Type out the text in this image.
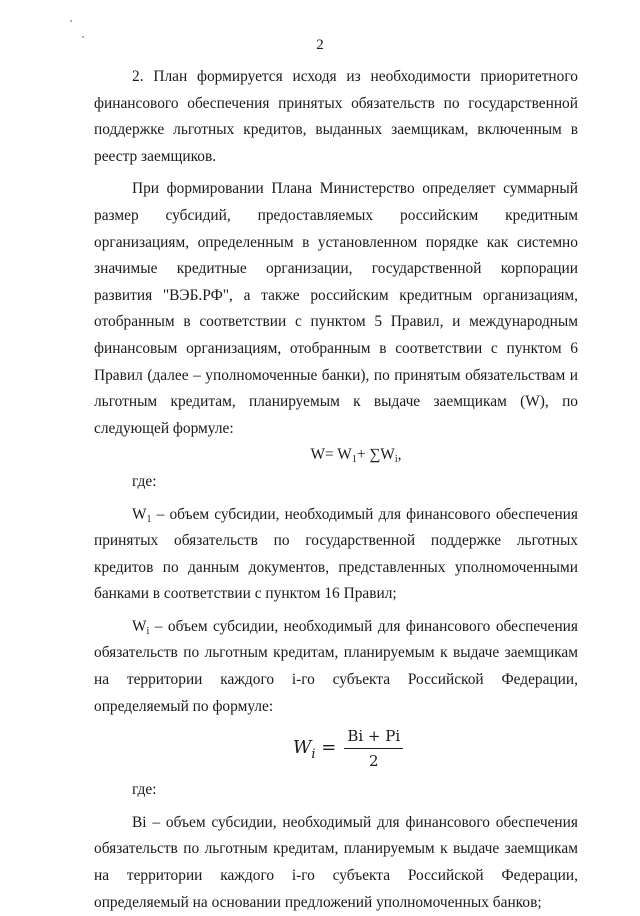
2

2. План формируется исходя из необходимости приоритетного финансового обеспечения принятых обязательств по государственной поддержке льготных кредитов, выданных заемщикам, включенным в реестр заемщиков.

При формировании Плана Министерство определяет суммарный размер субсидий, предоставляемых российским кредитным организациям, определенным в установленном порядке как системно значимые кредитные организации, государственной корпорации развития "ВЭБ.РФ", а также российским кредитным организациям, отобранным в соответствии с пунктом 5 Правил, и международным финансовым организациям, отобранным в соответствии с пунктом 6 Правил (далее – уполномоченные банки), по принятым обязательствам и льготным кредитам, планируемым к выдаче заемщикам (W), по следующей формуле:

$W= W_1+ \sum W_i$,

где:

$W_1$ – объем субсидии, необходимый для финансового обеспечения принятых обязательств по государственной поддержке льготных кредитов по данным документов, представленных уполномоченными банками в соответствии с пунктом 16 Правил;

$W_i$ – объем субсидии, необходимый для финансового обеспечения обязательств по льготным кредитам, планируемым к выдаче заемщикам на территории каждого i-го субъекта Российской Федерации, определяемый по формуле:

$W_i = \frac{Bi + Pi}{2}$

где:

Bi – объем субсидии, необходимый для финансового обеспечения обязательств по льготным кредитам, планируемым к выдаче заемщикам на территории каждого i-го субъекта Российской Федерации, определяемый на основании предложений уполномоченных банков;
